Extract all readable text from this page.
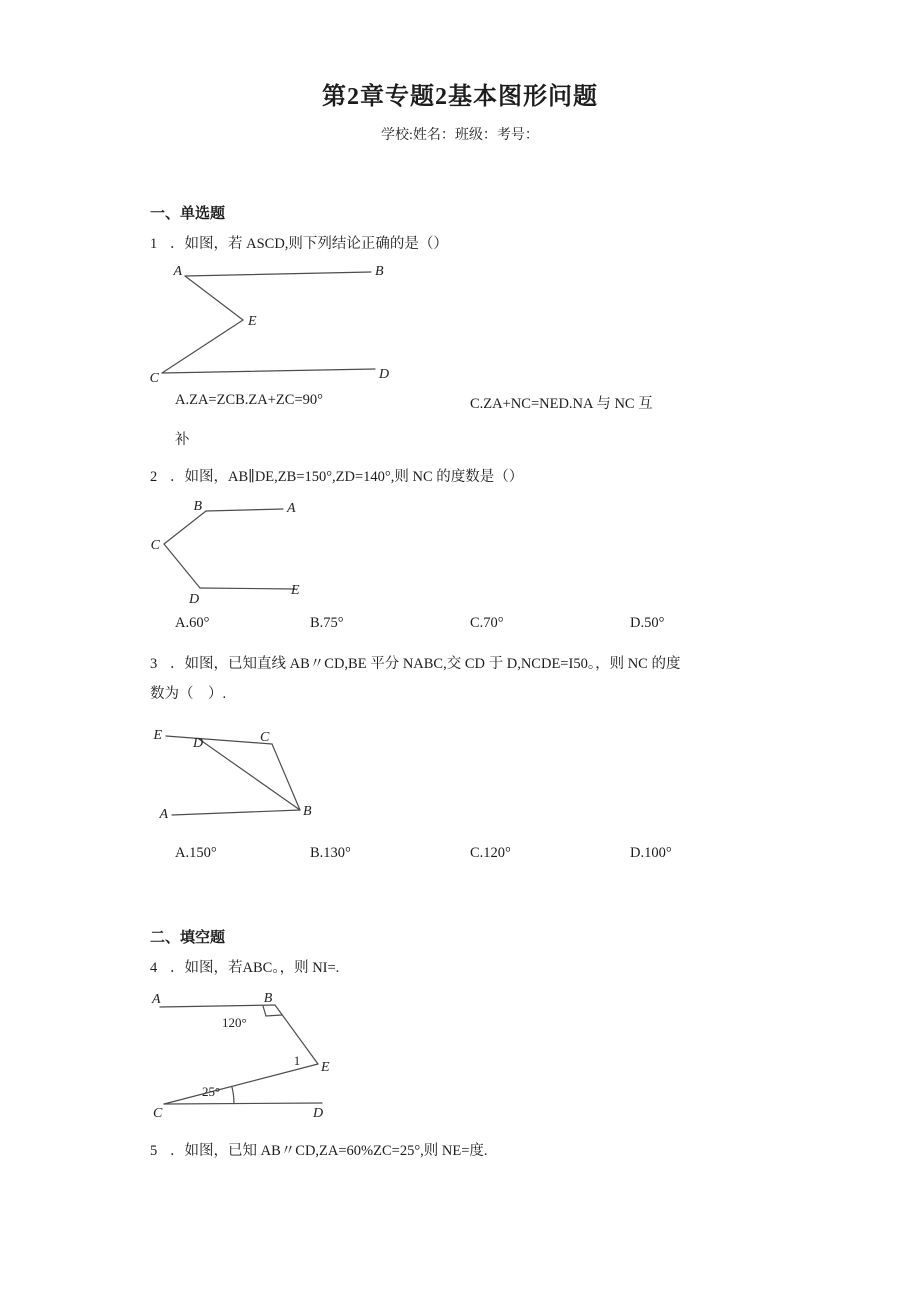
第2章专题2基本图形问题
学校:姓名：班级：考号：
一、单选题
1 ．如图，若 ASCD,则下列结论正确的是（）
A	B
E
C	D
A.ZA=ZCB.ZA+ZC=90°	C.ZA+NC=NED.NA 与 NC 互
补
2 ．如图，AB∥DE,ZB=150°,ZD=140°,则 NC 的度数是（）
B	A
C
D
E
A.60°	B.75°	C.70°	D.50°
3 ．如图，已知直线 AB〃CD,BE 平分 NABC,交 CD 于 D,NCDE=I50。，则 NC 的度
数为（　）.
E
D	C
A	B
A.150°	B.130°	C.120°	D.100°
二、填空题
4 ．如图，若ABC。，则 NI=.
A	B
120°
1 E
25°
C	D
5 ．如图，已知 AB〃CD,ZA=60%ZC=25°,则 NE=度.
